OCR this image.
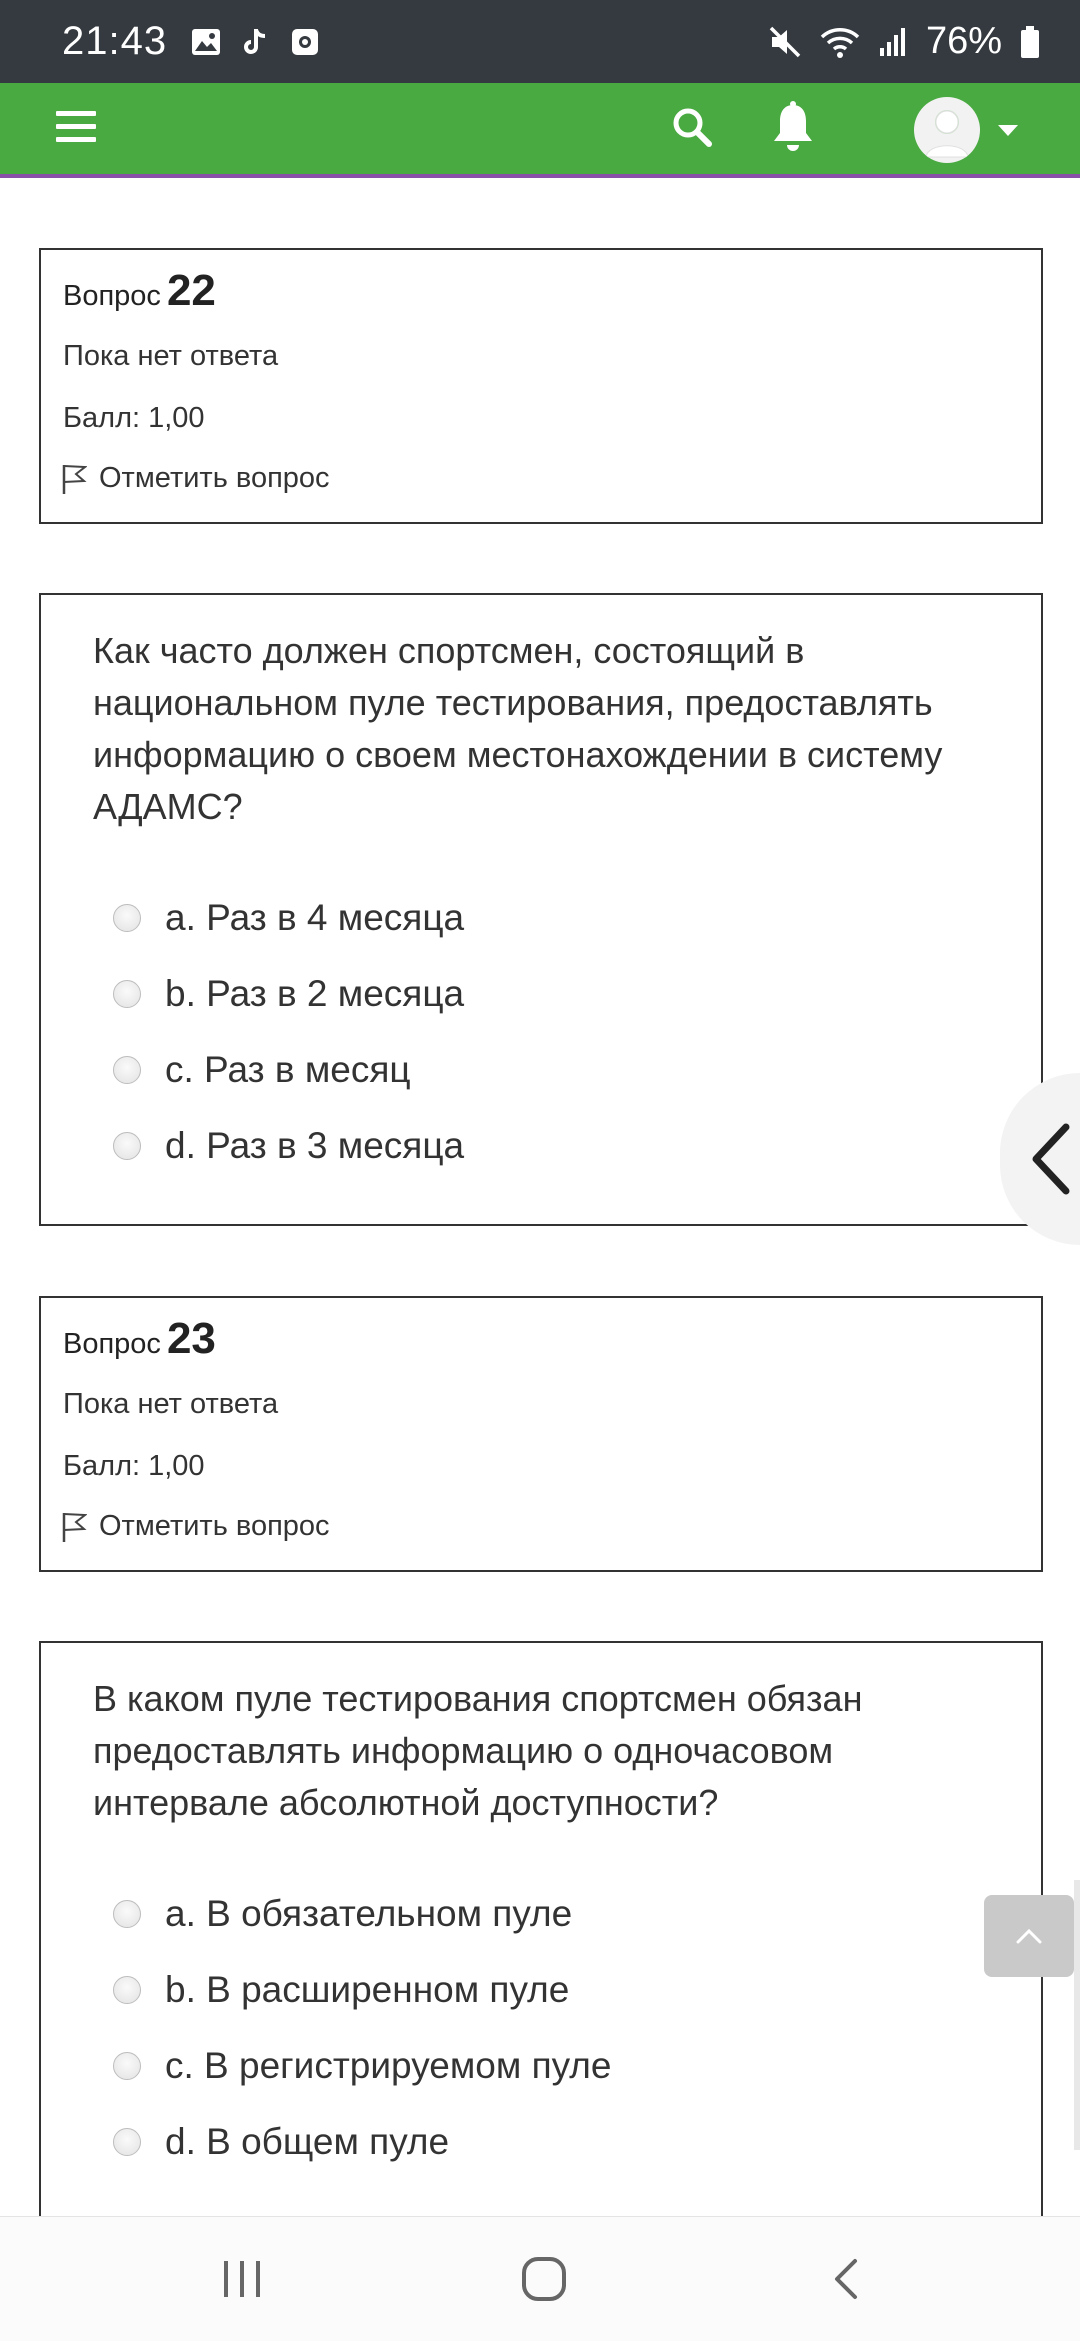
21:43	76%
Вопрос 22
Пока нет ответа
Балл: 1,00
Отметить вопрос
Как часто должен спортсмен, состоящий в национальном пуле тестирования, предоставлять информацию о своем местонахождении в систему АДАМС?
a. Раз в 4 месяца
b. Раз в 2 месяца
c. Раз в месяц
d. Раз в 3 месяца
Вопрос 23
Пока нет ответа
Балл: 1,00
Отметить вопрос
В каком пуле тестирования спортсмен обязан предоставлять информацию о одночасовом интервале абсолютной доступности?
a. В обязательном пуле
b. В расширенном пуле
c. В регистрируемом пуле
d. В общем пуле
